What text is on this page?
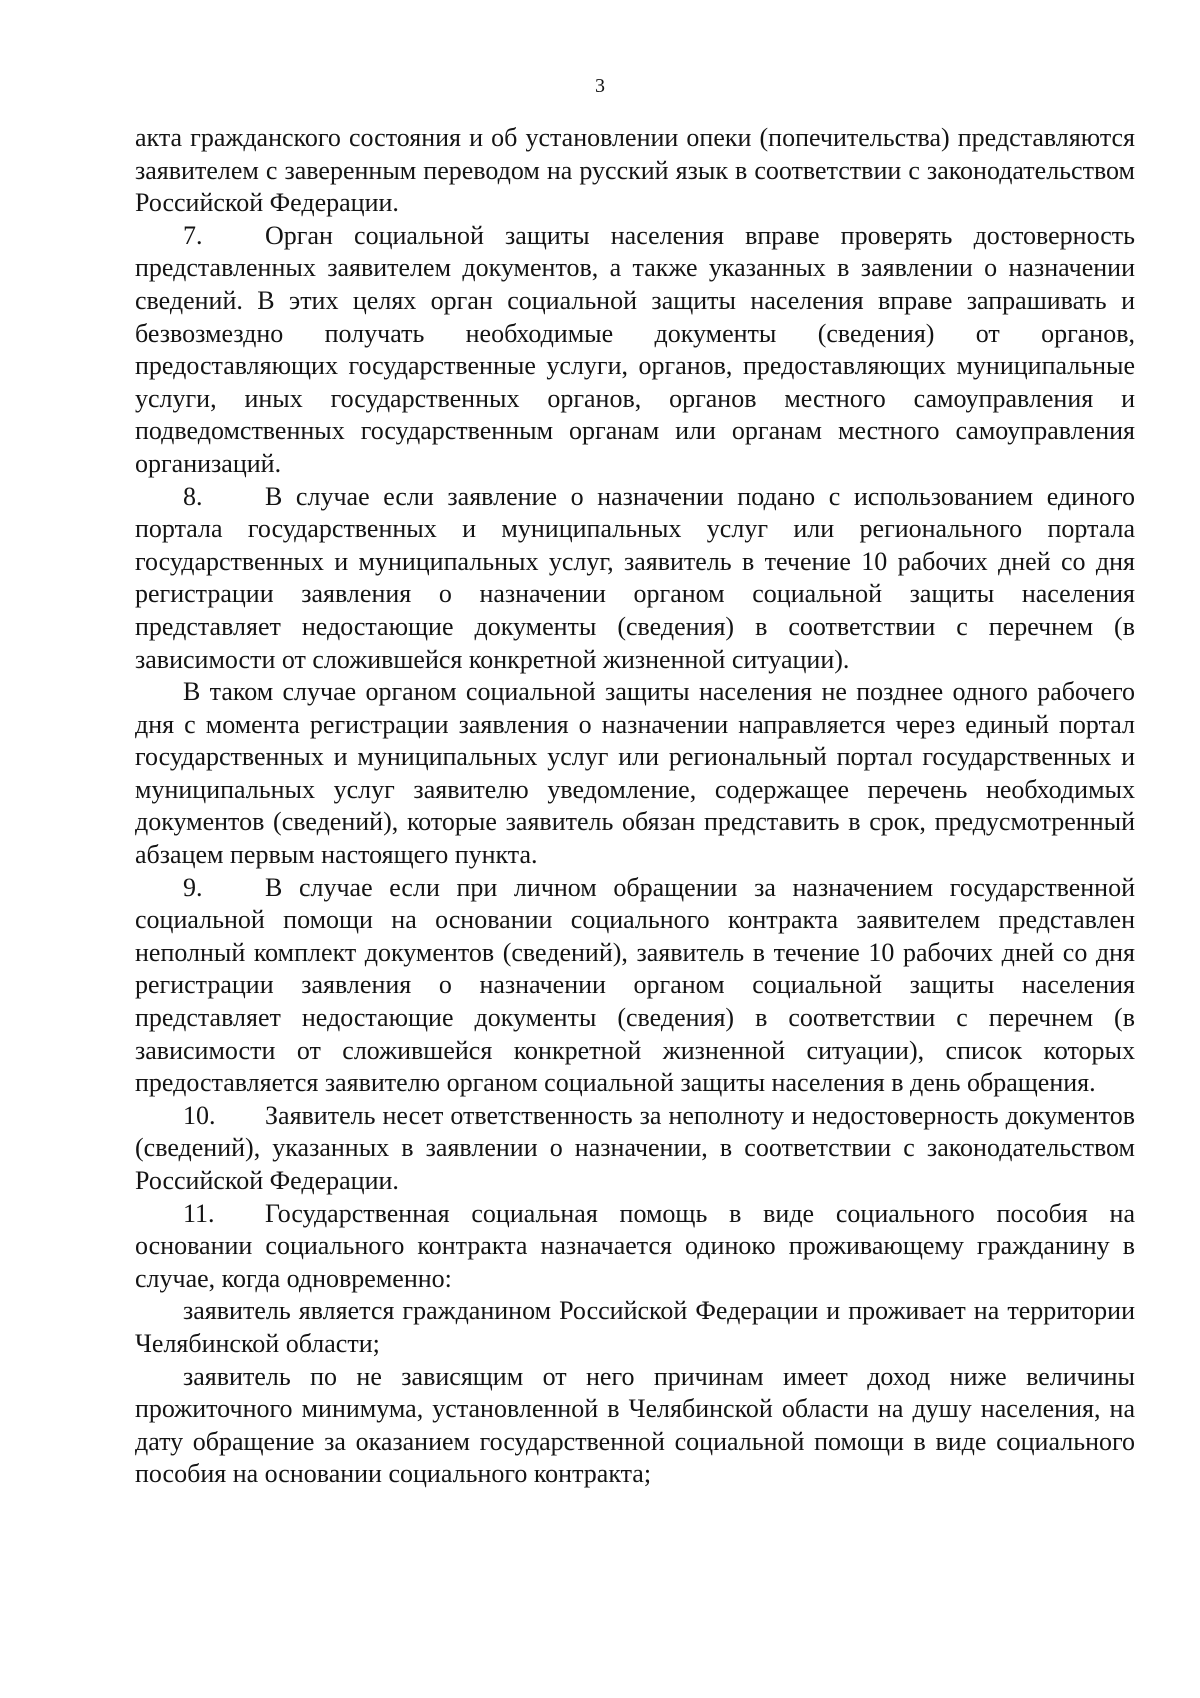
3

акта гражданского состояния и об установлении опеки (попечительства) представляются заявителем с заверенным переводом на русский язык в соответствии с законодательством Российской Федерации.

7. Орган социальной защиты населения вправе проверять достоверность представленных заявителем документов, а также указанных в заявлении о назначении сведений. В этих целях орган социальной защиты населения вправе запрашивать и безвозмездно получать необходимые документы (сведения) от органов, предоставляющих государственные услуги, органов, предоставляющих муниципальные услуги, иных государственных органов, органов местного самоуправления и подведомственных государственным органам или органам местного самоуправления организаций.

8. В случае если заявление о назначении подано с использованием единого портала государственных и муниципальных услуг или регионального портала государственных и муниципальных услуг, заявитель в течение 10 рабочих дней со дня регистрации заявления о назначении органом социальной защиты населения представляет недостающие документы (сведения) в соответствии с перечнем (в зависимости от сложившейся конкретной жизненной ситуации).

В таком случае органом социальной защиты населения не позднее одного рабочего дня с момента регистрации заявления о назначении направляется через единый портал государственных и муниципальных услуг или региональный портал государственных и муниципальных услуг заявителю уведомление, содержащее перечень необходимых документов (сведений), которые заявитель обязан представить в срок, предусмотренный абзацем первым настоящего пункта.

9. В случае если при личном обращении за назначением государственной социальной помощи на основании социального контракта заявителем представлен неполный комплект документов (сведений), заявитель в течение 10 рабочих дней со дня регистрации заявления о назначении органом социальной защиты населения представляет недостающие документы (сведения) в соответствии с перечнем (в зависимости от сложившейся конкретной жизненной ситуации), список которых предоставляется заявителю органом социальной защиты населения в день обращения.

10. Заявитель несет ответственность за неполноту и недостоверность документов (сведений), указанных в заявлении о назначении, в соответствии с законодательством Российской Федерации.

11. Государственная социальная помощь в виде социального пособия на основании социального контракта назначается одиноко проживающему гражданину в случае, когда одновременно:

заявитель является гражданином Российской Федерации и проживает на территории Челябинской области;

заявитель по не зависящим от него причинам имеет доход ниже величины прожиточного минимума, установленной в Челябинской области на душу населения, на дату обращение за оказанием государственной социальной помощи в виде социального пособия на основании социального контракта;
